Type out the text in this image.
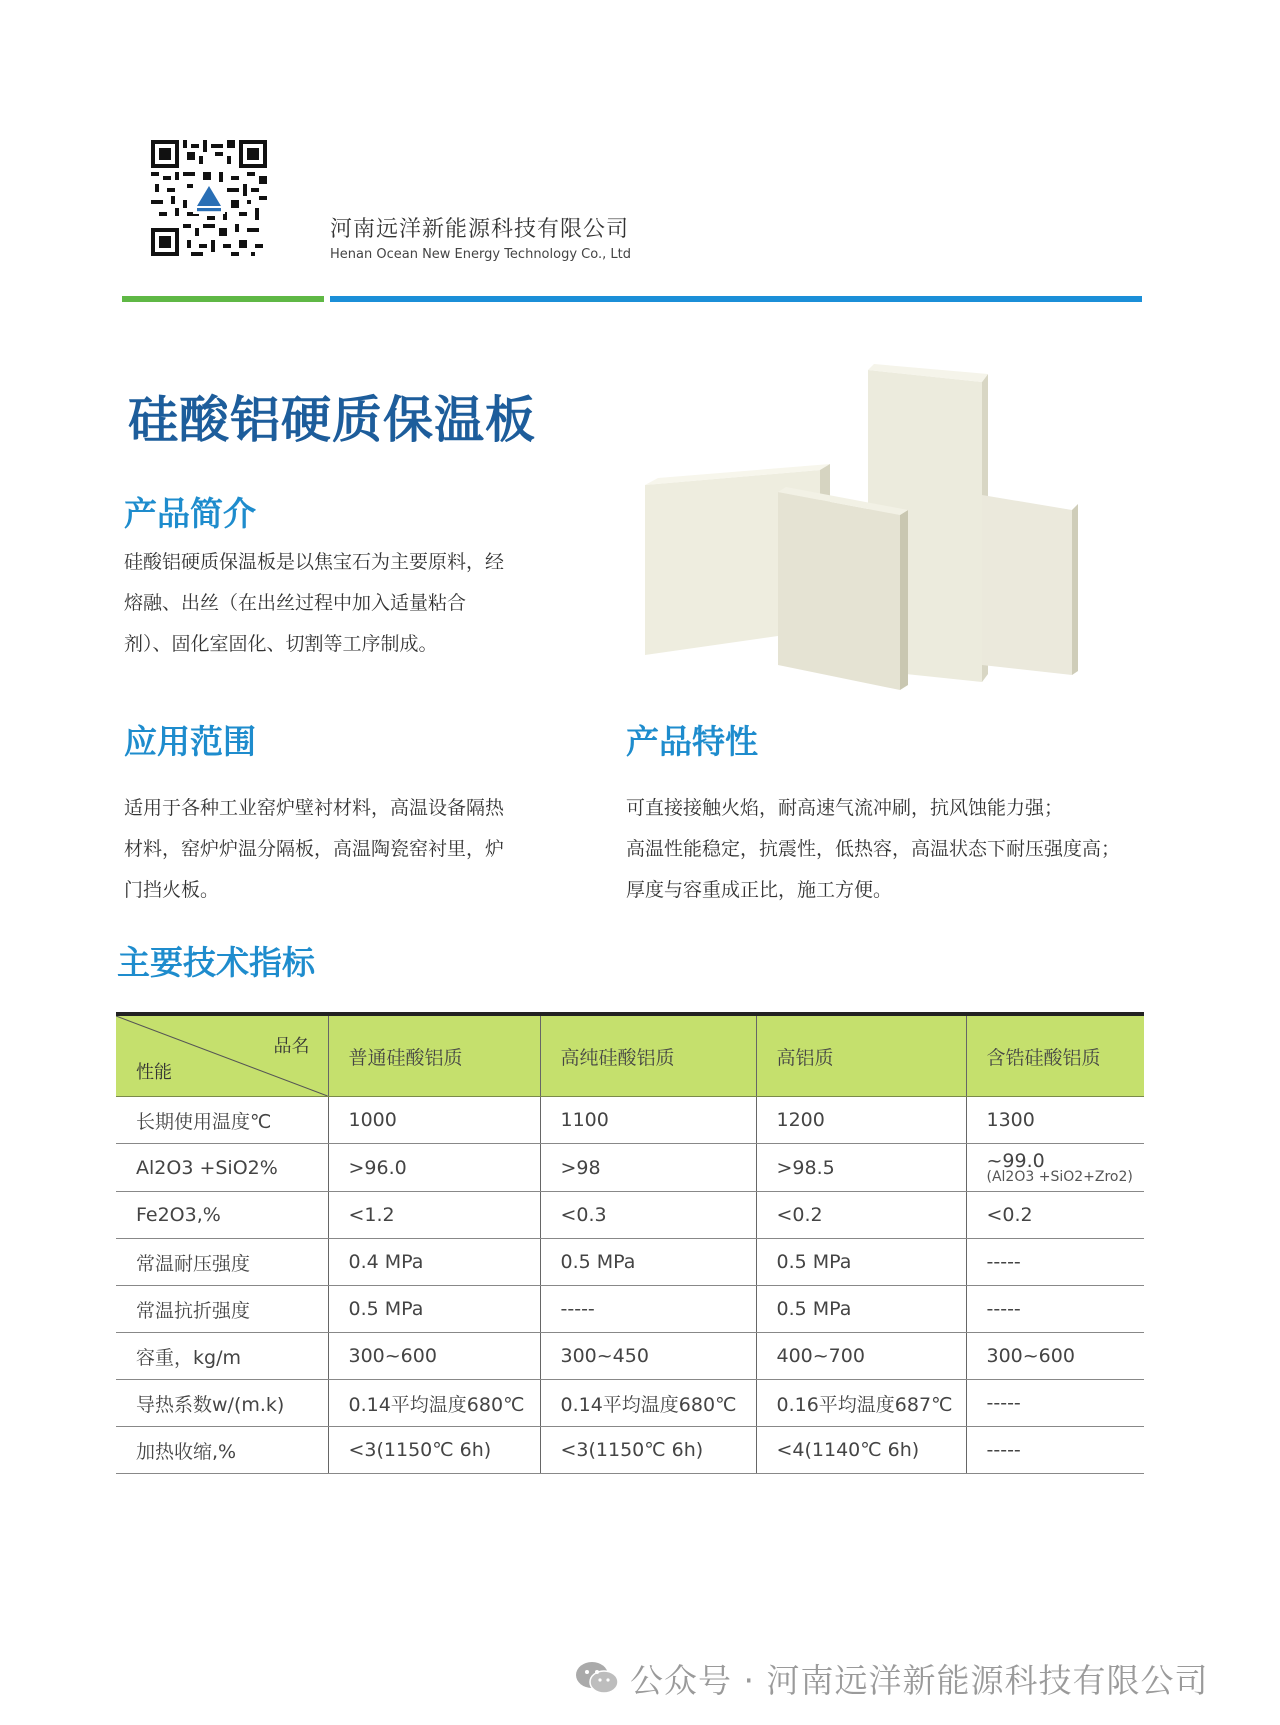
河南远洋新能源科技有限公司
Henan Ocean New Energy Technology Co., Ltd
硅酸铝硬质保温板
产品简介
硅酸铝硬质保温板是以焦宝石为主要原料，经
熔融、出丝（在出丝过程中加入适量粘合
剂）、固化室固化、切割等工序制成。
应用范围
适用于各种工业窑炉壁衬材料，高温设备隔热
材料，窑炉炉温分隔板，高温陶瓷窑衬里，炉
门挡火板。
产品特性
可直接接触火焰，耐高速气流冲刷，抗风蚀能力强；
高温性能稳定，抗震性，低热容，高温状态下耐压强度高；
厚度与容重成正比，施工方便。
主要技术指标
品名
性能	普通硅酸铝质	高纯硅酸铝质	高铝质	含锆硅酸铝质
长期使用温度℃	1000	1100	1200	1300
Al2O3 +SiO2%	>96.0	>98	>98.5	~99.0
(Al2O3 +SiO2+Zro2)

Fe2O3,%	<1.2	<0.3	<0.2	<0.2
常温耐压强度	0.4 MPa	0.5 MPa	0.5 MPa	-----
常温抗折强度	0.5 MPa	-----	0.5 MPa	-----
容重，kg/m	300~600	300~450	400~700	300~600
导热系数w/(m.k)	0.14平均温度680℃	0.14平均温度680℃	0.16平均温度687℃	-----
加热收缩,%	<3(1150℃ 6h)	<3(1150℃ 6h)	<4(1140℃ 6h)	-----
公众号 · 河南远洋新能源科技有限公司
